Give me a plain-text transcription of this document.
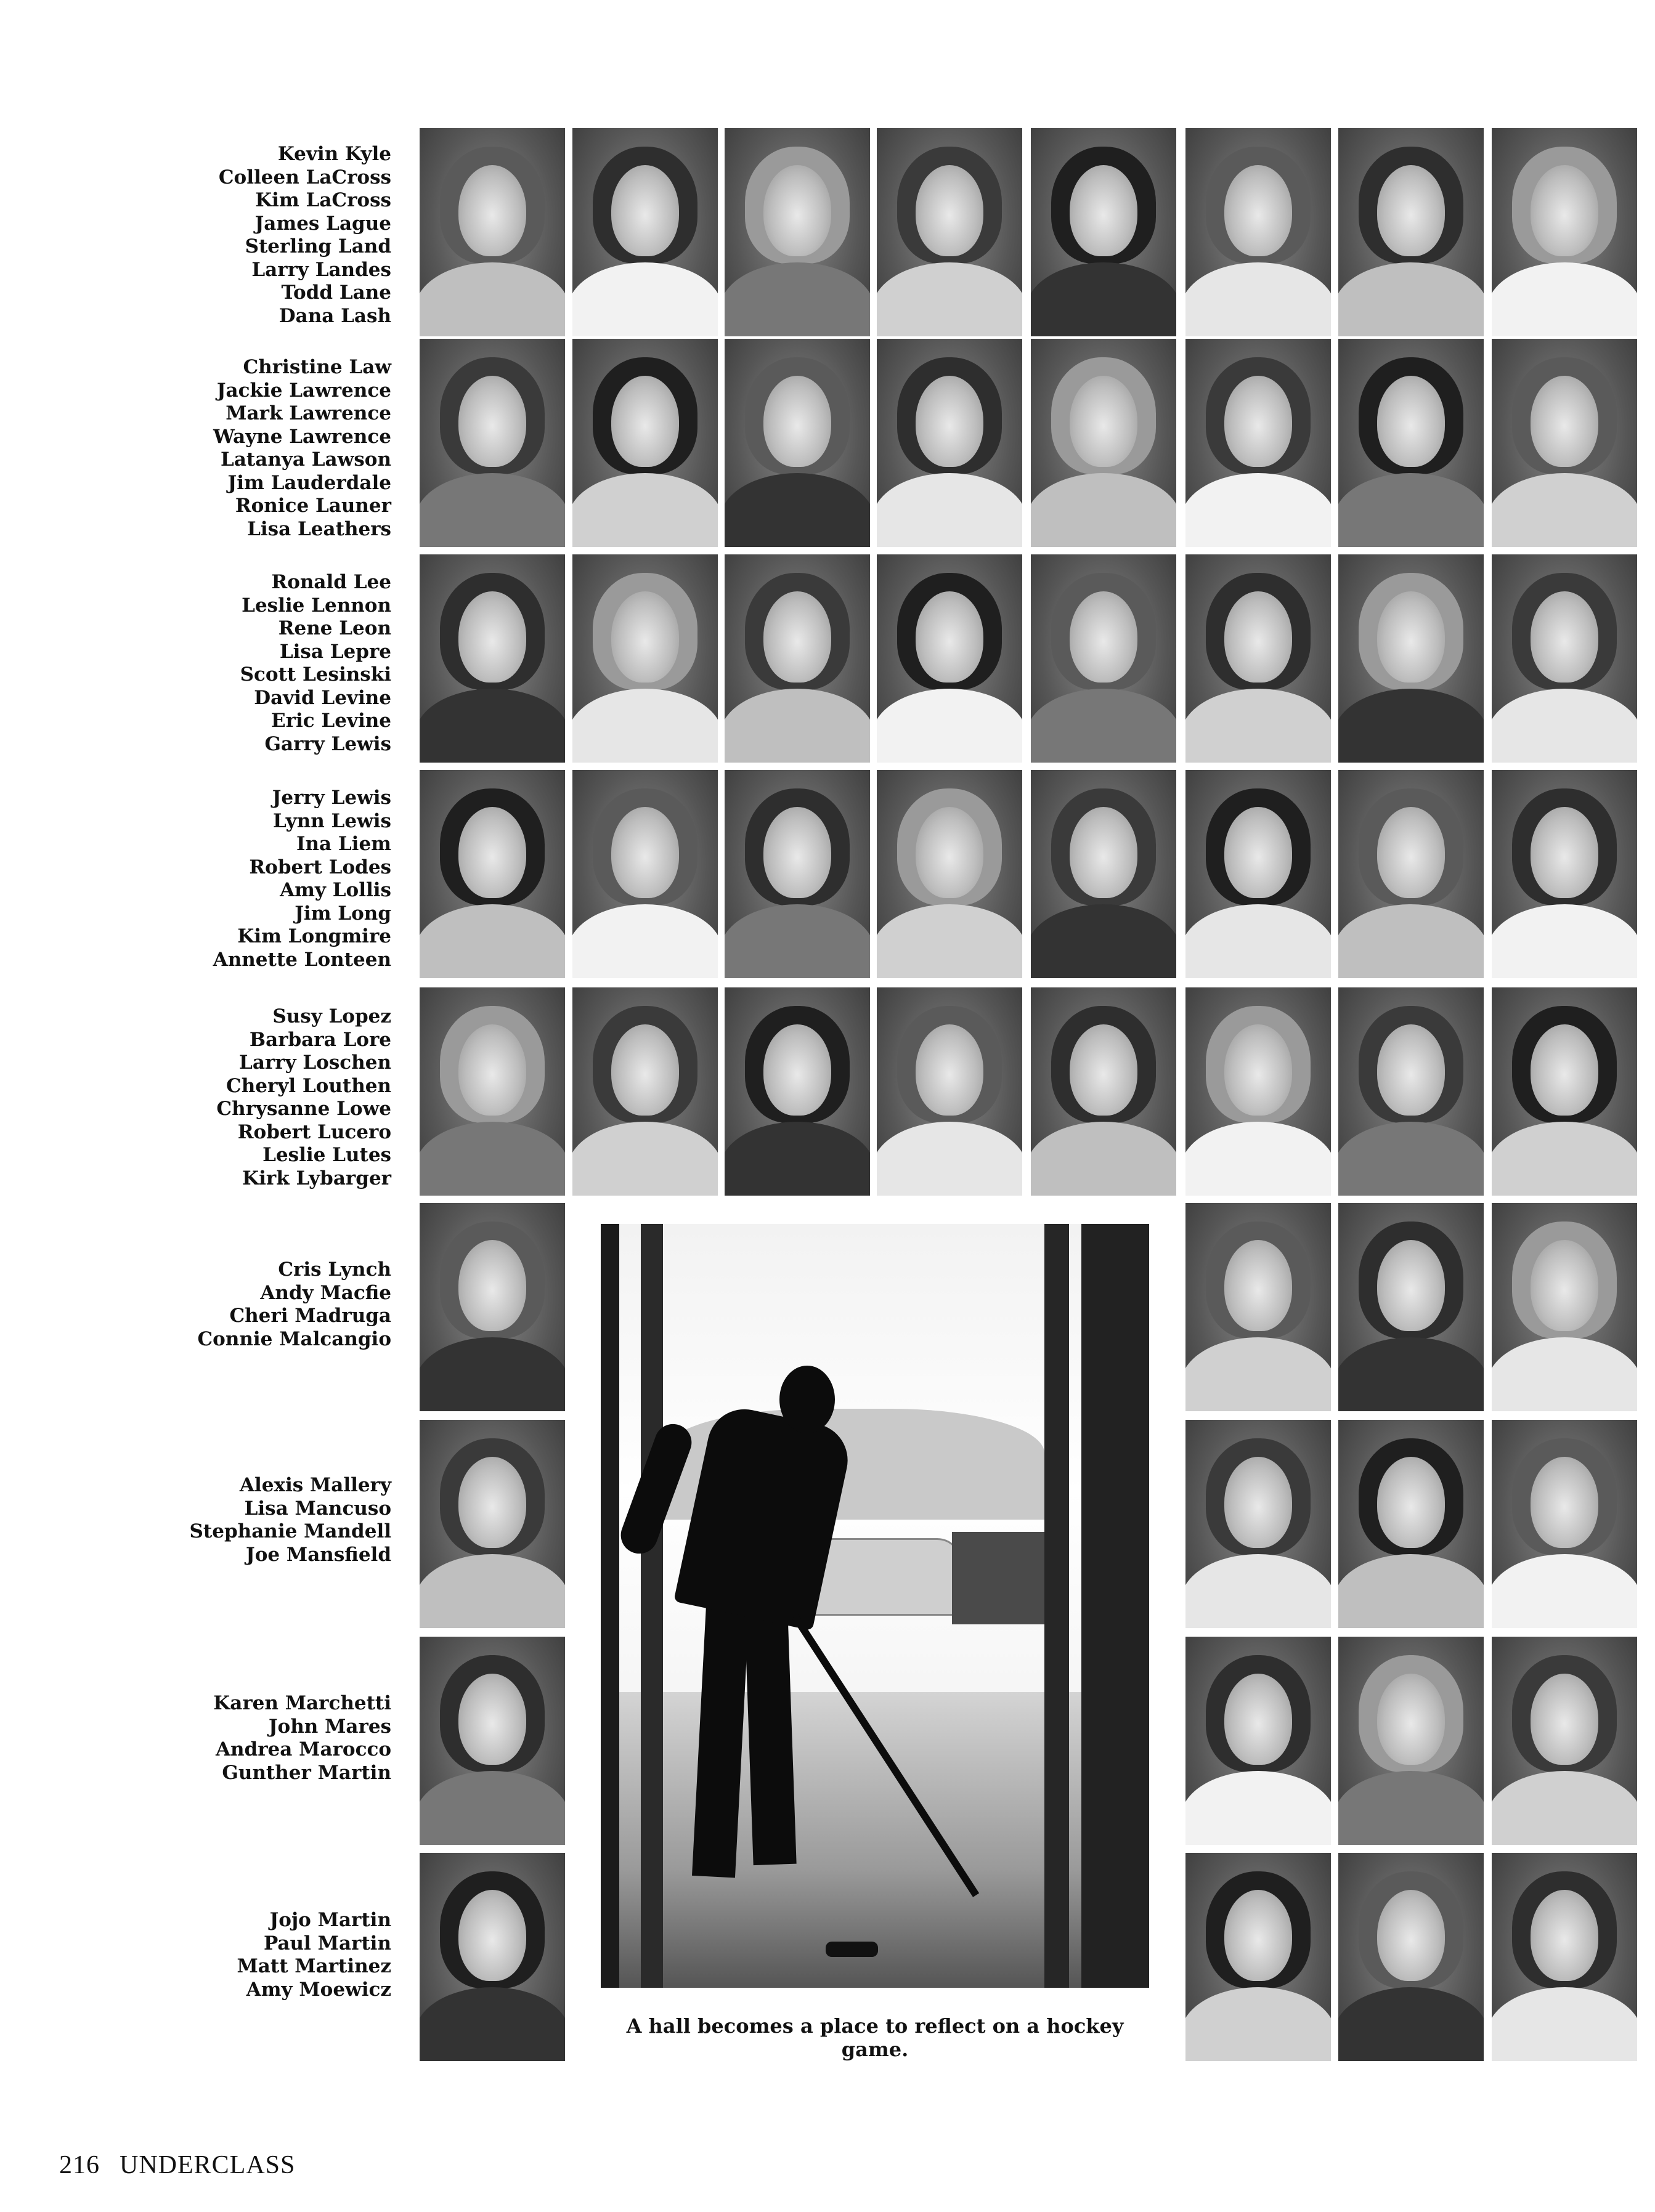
Kevin Kyle
Colleen LaCross
Kim LaCross
James Lague
Sterling Land
Larry Landes
Todd Lane
Dana Lash
Christine Law
Jackie Lawrence
Mark Lawrence
Wayne Lawrence
Latanya Lawson
Jim Lauderdale
Ronice Launer
Lisa Leathers
Ronald Lee
Leslie Lennon
Rene Leon
Lisa Lepre
Scott Lesinski
David Levine
Eric Levine
Garry Lewis
Jerry Lewis
Lynn Lewis
Ina Liem
Robert Lodes
Amy Lollis
Jim Long
Kim Longmire
Annette Lonteen
Susy Lopez
Barbara Lore
Larry Loschen
Cheryl Louthen
Chrysanne Lowe
Robert Lucero
Leslie Lutes
Kirk Lybarger
Cris Lynch
Andy Macfie
Cheri Madruga
Connie Malcangio
Alexis Mallery
Lisa Mancuso
Stephanie Mandell
Joe Mansfield
Karen Marchetti
John Mares
Andrea Marocco
Gunther Martin
Jojo Martin
Paul Martin
Matt Martinez
Amy Moewicz
A hall becomes a place to reflect on a hockey game.
216 UNDERCLASS
